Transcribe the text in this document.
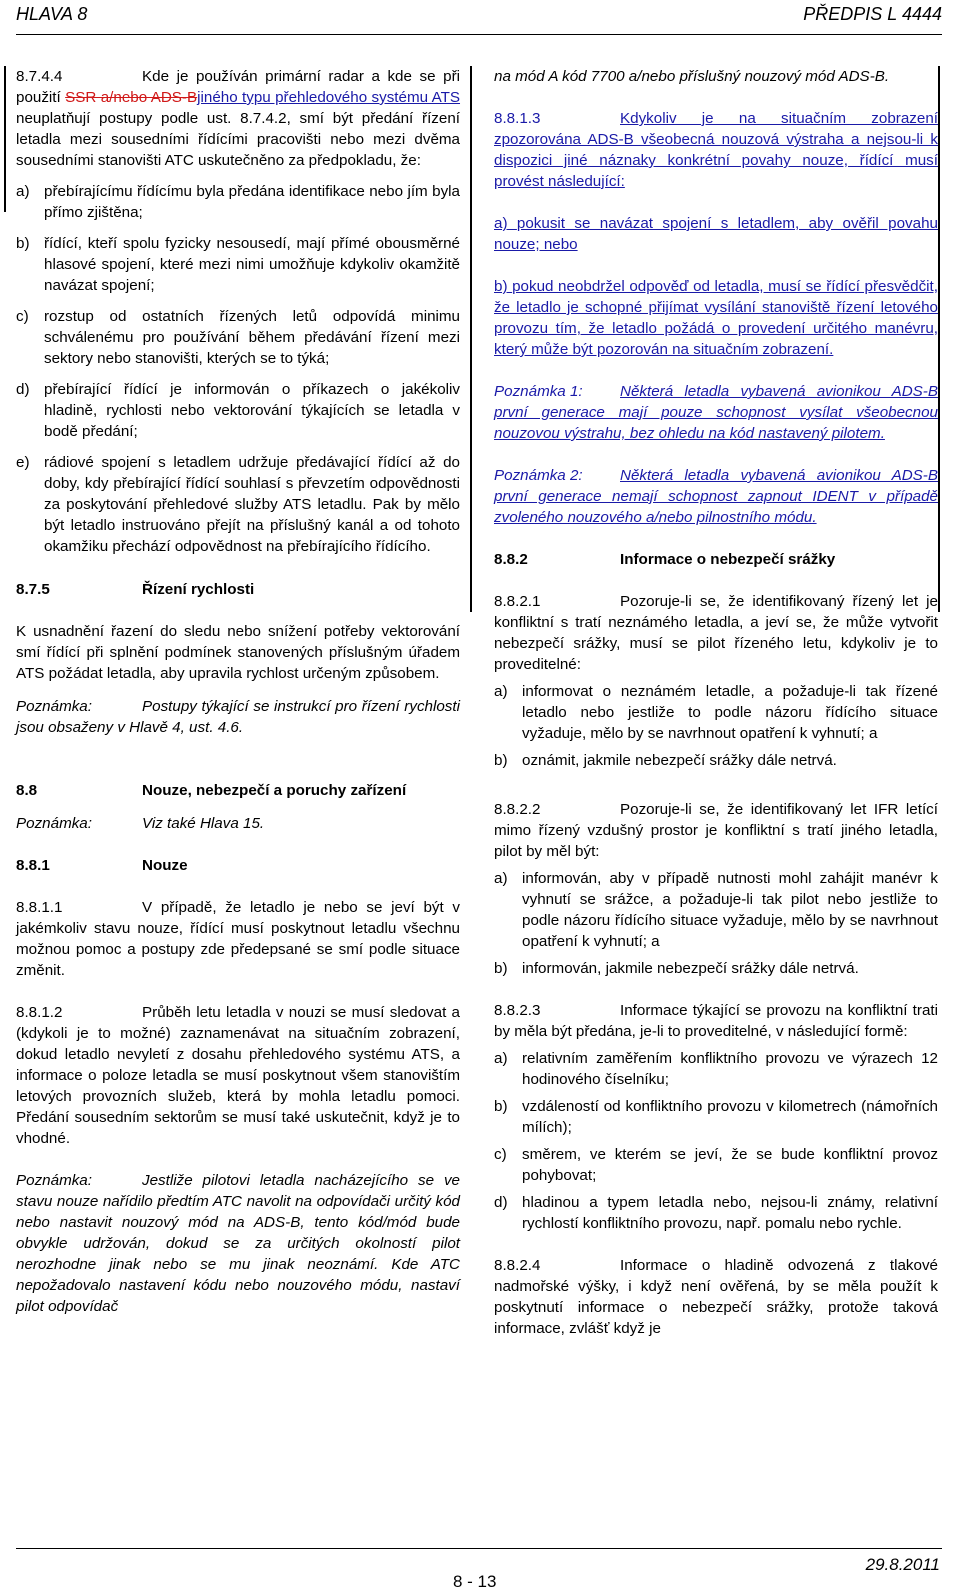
HLAVA 8	PŘEDPIS L 4444

8.7.4.4	Kde je používán primární radar a kde se při použití SSR a/nebo ADS-Bjiného typu přehledového systému ATS neuplatňují postupy podle ust. 8.7.4.2, smí být předání řízení letadla mezi sousedními řídícími pracovišti nebo mezi dvěma sousedními stanovišti ATC uskutečněno za předpokladu, že:

a) přebírajícímu řídícímu byla předána identifikace nebo jím byla přímo zjištěna;
b) řídící, kteří spolu fyzicky nesousedí, mají přímé obousměrné hlasové spojení, které mezi nimi umožňuje kdykoliv okamžitě navázat spojení;
c) rozstup od ostatních řízených letů odpovídá minimu schválenému pro používání během předávání řízení mezi sektory nebo stanovišti, kterých se to týká;
d) přebírající řídící je informován o příkazech o jakékoliv hladině, rychlosti nebo vektorování týkajících se letadla v bodě předání;
e) rádiové spojení s letadlem udržuje předávající řídící až do doby, kdy přebírající řídící souhlasí s převzetím odpovědnosti za poskytování přehledové služby ATS letadlu. Pak by mělo být letadlo instruováno přejít na příslušný kanál a od tohoto okamžiku přechází odpovědnost na přebírajícího řídícího.
8.7.5	Řízení rychlosti

K usnadnění řazení do sledu nebo snížení potřeby vektorování smí řídící při splnění podmínek stanovených příslušným úřadem ATS požádat letadla, aby upravila rychlost určeným způsobem.

Poznámka:	Postupy týkající se instrukcí pro řízení rychlosti jsou obsaženy v Hlavě 4, ust. 4.6.

8.8	Nouze, nebezpečí a poruchy zařízení

Poznámka:	Viz také Hlava 15.

8.8.1	Nouze

8.8.1.1	V případě, že letadlo je nebo se jeví být v jakémkoliv stavu nouze, řídící musí poskytnout letadlu všechnu možnou pomoc a postupy zde předepsané se smí podle situace změnit.

8.8.1.2	Průběh letu letadla v nouzi se musí sledovat a (kdykoli je to možné) zaznamenávat na situačním zobrazení, dokud letadlo nevyletí z dosahu přehledového systému ATS, a informace o poloze letadla se musí poskytnout všem stanovištím letových provozních služeb, která by mohla letadlu pomoci. Předání sousedním sektorům se musí také uskutečnit, když je to vhodné.

Poznámka:	Jestliže pilotovi letadla nacházejícího se ve stavu nouze nařídilo předtím ATC navolit na odpovídači určitý kód nebo nastavit nouzový mód na ADS-B, tento kód/mód bude obvykle udržován, dokud se za určitých okolností pilot nerozhodne jinak nebo se mu jinak neoznámí. Kde ATC nepožadovalo nastavení kódu nebo nouzového módu, nastaví pilot odpovídač

na mód A kód 7700 a/nebo příslušný nouzový mód ADS-B.

8.8.1.3	Kdykoliv je na situačním zobrazení zpozorována ADS-B všeobecná nouzová výstraha a nejsou-li k dispozici jiné náznaky konkrétní povahy nouze, řídící musí provést následující:

a) pokusit se navázat spojení s letadlem, aby ověřil povahu nouze; nebo

b) pokud neobdržel odpověď od letadla, musí se řídící přesvědčit, že letadlo je schopné přijímat vysílání stanoviště řízení letového provozu tím, že letadlo požádá o provedení určitého manévru, který může být pozorován na situačním zobrazení.

Poznámka 1: Některá letadla vybavená avionikou ADS-B první generace mají pouze schopnost vysílat všeobecnou nouzovou výstrahu, bez ohledu na kód nastavený pilotem.

Poznámka 2: Některá letadla vybavená avionikou ADS-B první generace nemají schopnost zapnout IDENT v případě zvoleného nouzového a/nebo pilnostního módu.

8.8.2	Informace o nebezpečí srážky

8.8.2.1	Pozoruje-li se, že identifikovaný řízený let je konfliktní s tratí neznámého letadla, a jeví se, že může vytvořit nebezpečí srážky, musí se pilot řízeného letu, kdykoliv je to proveditelné:

a) informovat o neznámém letadle, a požaduje-li tak řízené letadlo nebo jestliže to podle názoru řídícího situace vyžaduje, mělo by se navrhnout opatření k vyhnutí; a
b) oznámit, jakmile nebezpečí srážky dále netrvá.

8.8.2.2	Pozoruje-li se, že identifikovaný let IFR letící mimo řízený vzdušný prostor je konfliktní s tratí jiného letadla, pilot by měl být:

a) informován, aby v případě nutnosti mohl zahájit manévr k vyhnutí se srážce, a požaduje-li tak pilot nebo jestliže to podle názoru řídícího situace vyžaduje, mělo by se navrhnout opatření k vyhnutí; a
b) informován, jakmile nebezpečí srážky dále netrvá.

8.8.2.3	Informace týkající se provozu na konfliktní trati by měla být předána, je-li to proveditelné, v následující formě:

a) relativním zaměřením konfliktního provozu ve výrazech 12 hodinového číselníku;
b) vzdáleností od konfliktního provozu v kilometrech (námořních mílích);
c) směrem, ve kterém se jeví, že se bude konfliktní provoz pohybovat;
d) hladinou a typem letadla nebo, nejsou-li známy, relativní rychlostí konfliktního provozu, např. pomalu nebo rychle.

8.8.2.4	Informace o hladině odvozená z tlakové nadmořské výšky, i když není ověřená, by se měla použít k poskytnutí informace o nebezpečí srážky, protože taková informace, zvlášť když je

8 - 13
29.8.2011
